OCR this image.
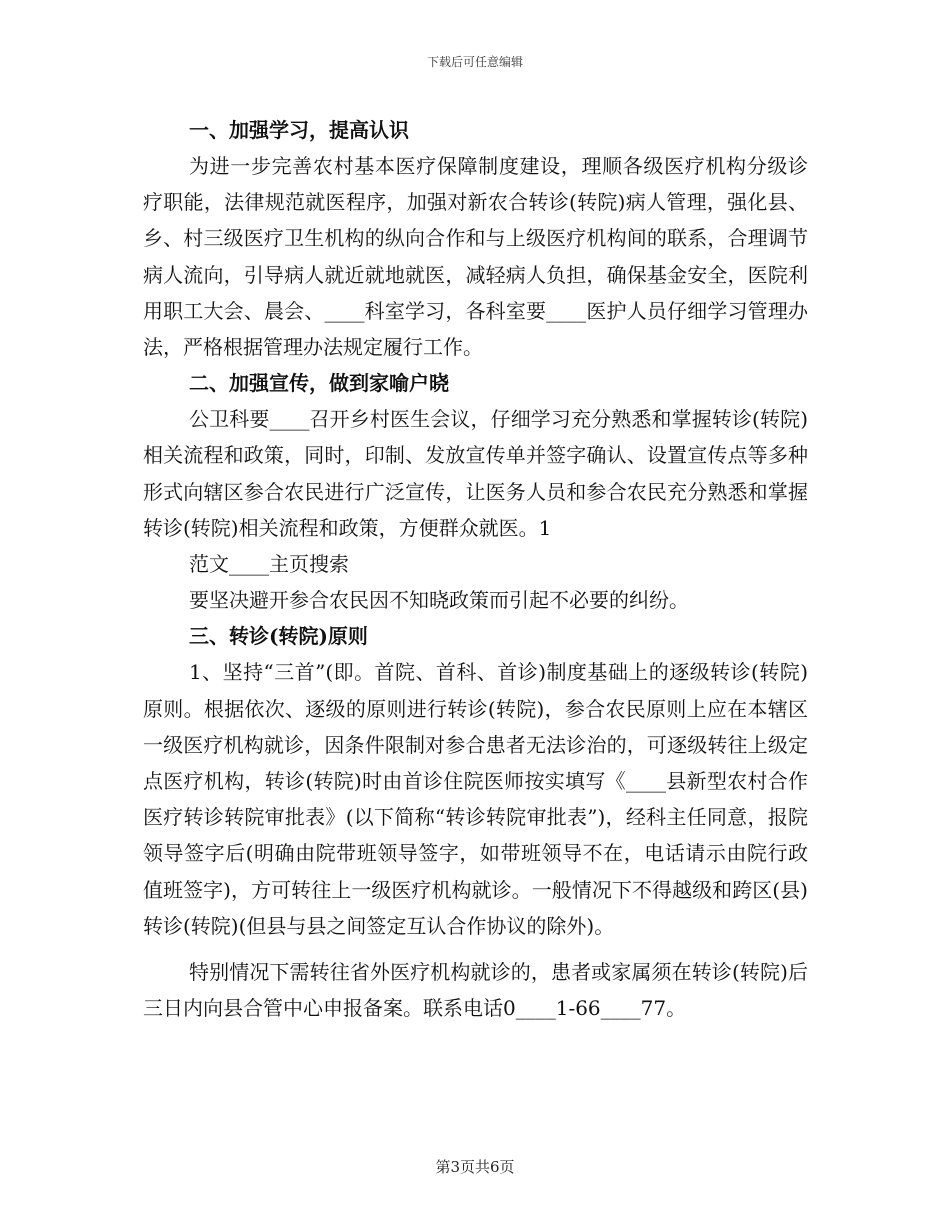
下载后可任意编辑
一、加强学习，提高认识

为进一步完善农村基本医疗保障制度建设，理顺各级医疗机构分级诊疗职能，法律规范就医程序，加强对新农合转诊(转院)病人管理，强化县、乡、村三级医疗卫生机构的纵向合作和与上级医疗机构间的联系，合理调节病人流向，引导病人就近就地就医，减轻病人负担，确保基金安全，医院利用职工大会、晨会、____科室学习，各科室要____医护人员仔细学习管理办法，严格根据管理办法规定履行工作。

二、加强宣传，做到家喻户晓

公卫科要____召开乡村医生会议，仔细学习充分熟悉和掌握转诊(转院)相关流程和政策，同时，印制、发放宣传单并签字确认、设置宣传点等多种形式向辖区参合农民进行广泛宣传，让医务人员和参合农民充分熟悉和掌握转诊(转院)相关流程和政策，方便群众就医。1

范文____主页搜索

要坚决避开参合农民因不知晓政策而引起不必要的纠纷。

三、转诊(转院)原则

1、坚持“三首”(即。首院、首科、首诊)制度基础上的逐级转诊(转院)原则。根据依次、逐级的原则进行转诊(转院)，参合农民原则上应在本辖区一级医疗机构就诊，因条件限制对参合患者无法诊治的，可逐级转往上级定点医疗机构，转诊(转院)时由首诊住院医师按实填写《____县新型农村合作医疗转诊转院审批表》(以下简称“转诊转院审批表”)，经科主任同意，报院领导签字后(明确由院带班领导签字，如带班领导不在，电话请示由院行政值班签字)，方可转往上一级医疗机构就诊。一般情况下不得越级和跨区(县)转诊(转院)(但县与县之间签定互认合作协议的除外)。

特别情况下需转往省外医疗机构就诊的，患者或家属须在转诊(转院)后三日内向县合管中心申报备案。联系电话0____1-66____77。

第3页共6页
